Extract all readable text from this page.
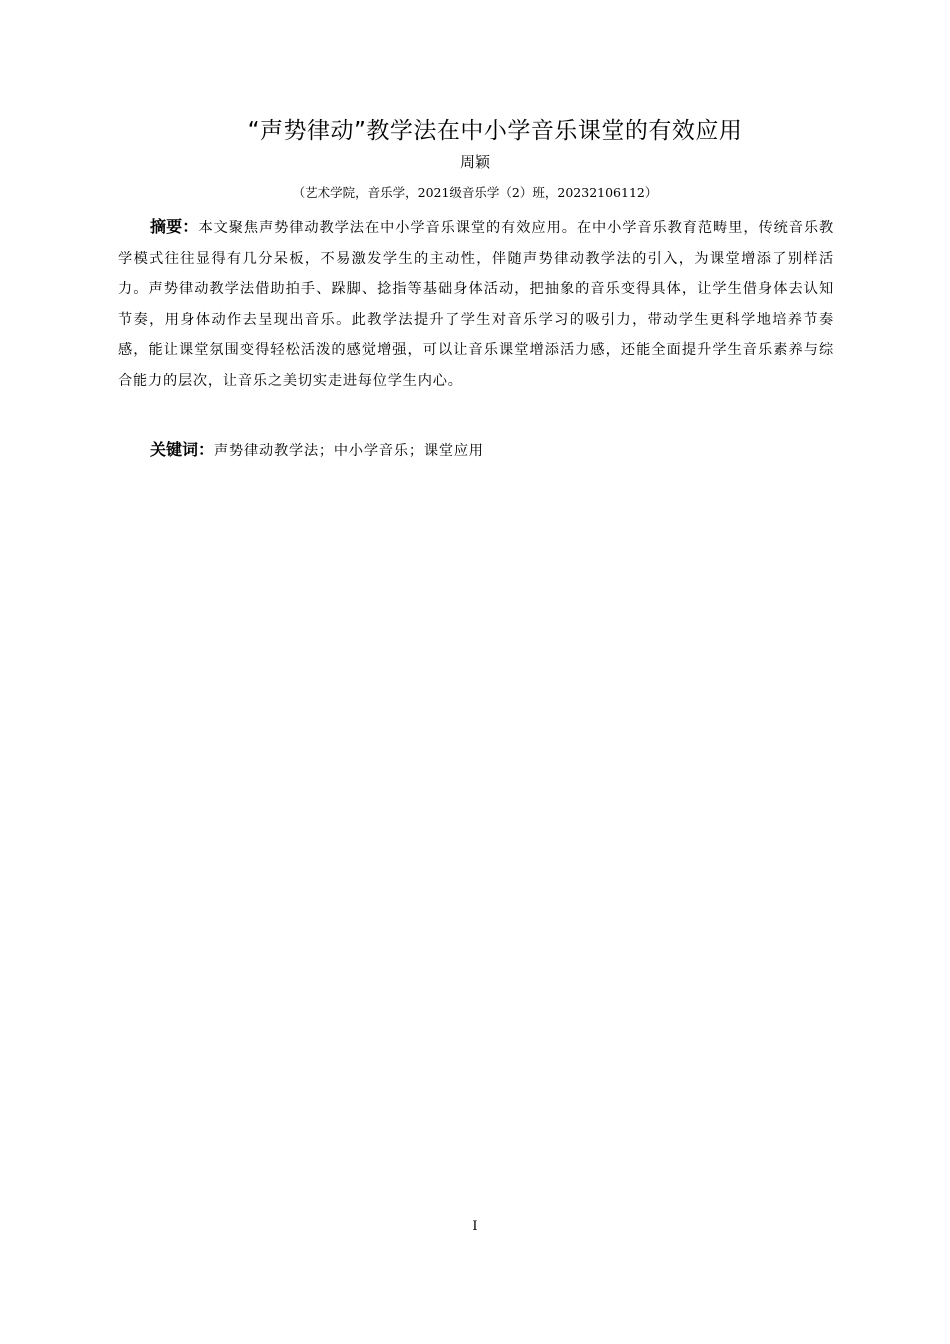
“声势律动”教学法在中小学音乐课堂的有效应用
周颖
（艺术学院，音乐学，2021级音乐学（2）班，20232106112）

摘要：本文聚焦声势律动教学法在中小学音乐课堂的有效应用。在中小学音乐教育范畴里，传统音乐教学模式往往显得有几分呆板，不易激发学生的主动性，伴随声势律动教学法的引入，为课堂增添了别样活力。声势律动教学法借助拍手、跺脚、捻指等基础身体活动，把抽象的音乐变得具体，让学生借身体去认知节奏，用身体动作去呈现出音乐。此教学法提升了学生对音乐学习的吸引力，带动学生更科学地培养节奏感，能让课堂氛围变得轻松活泼的感觉增强，可以让音乐课堂增添活力感，还能全面提升学生音乐素养与综合能力的层次，让音乐之美切实走进每位学生内心。

关键词：声势律动教学法；中小学音乐；课堂应用

I
